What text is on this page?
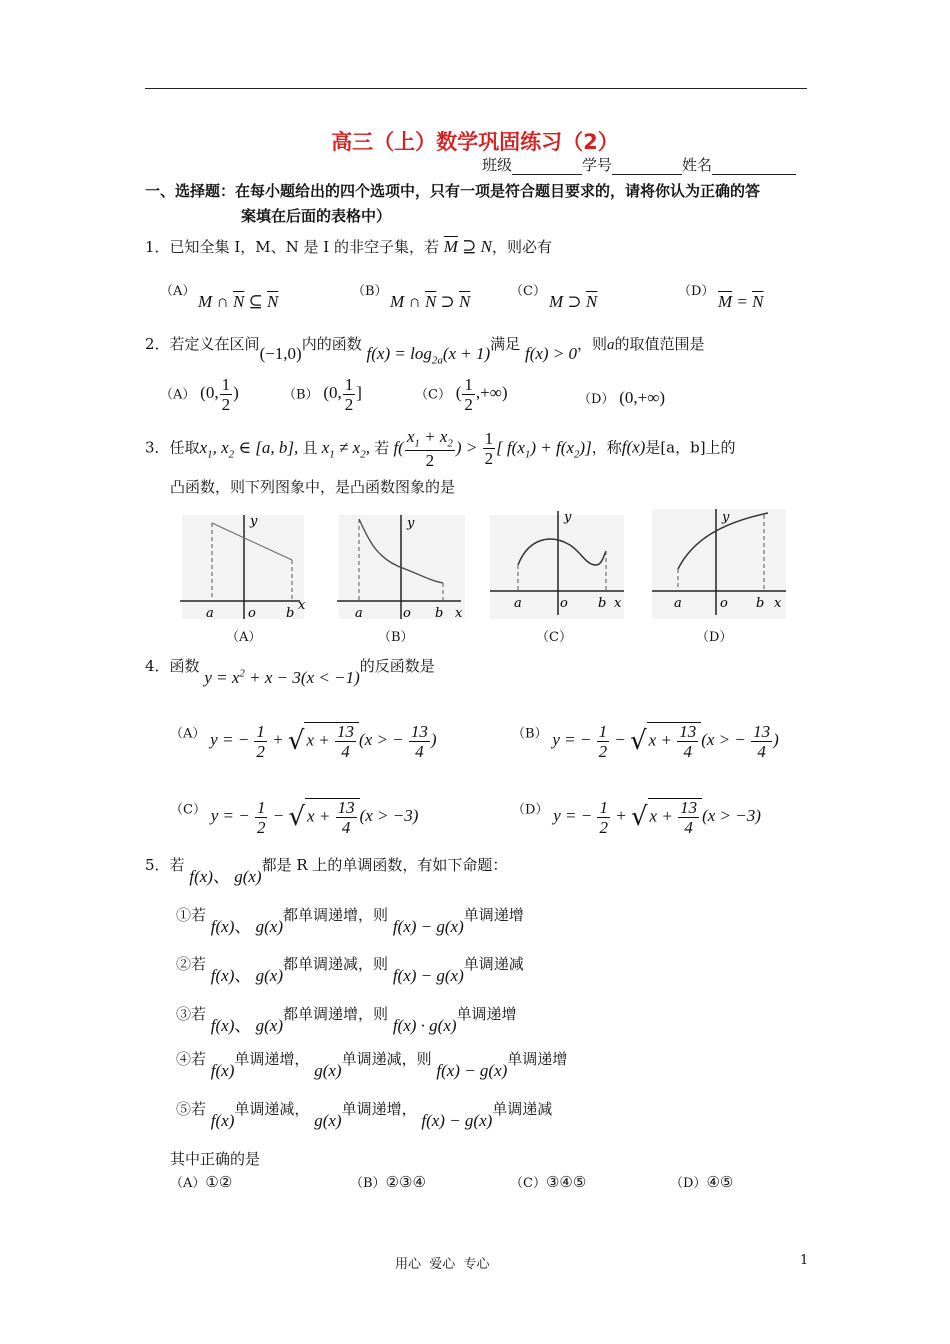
高三（上）数学巩固练习（2）
班级	学号	姓名
一、选择题：在每小题给出的四个选项中，只有一项是符合题目要求的，请将你认为正确的答
案填在后面的表格中）
1．已知全集 I，M、N 是 I 的非空子集，若 $\overline{M}$ ⊇ N，则必有
（A）
M ∩ $\overline{N}$ ⊆ $\overline{N}$
（B）
M ∩ $\overline{N}$ ⊃ $\overline{N}$
（C）
M ⊃ $\overline{N}$
（D）
$\overline{M} = \overline{N}$
2．若定义在区间(−1,0)内的函数 $f(x) = \log_{2a}(x + 1)$满足 f(x) > 0，则a的取值范围是
（A） (0, $\frac{1}{2}$ )	（B） (0, $\frac{1}{2}$ ]	（C） ( $\frac{1}{2}$ ,+∞)	（D） (0,+∞)
3．任取$x_1$, $x_2$ ∈ [a, b], 且 $x_1 \ne x_2$, 若 $f( \frac{x_1 + x_2}{2}$ ) > $\frac{1}{2}$ [ $f(x_1) + f(x_2)$]，称f(x)是[a，b]上的
凸函数，则下列图象中，是凸函数图象的是
a	o b
x
y
（A）
a	o b x
y
（B）
a	o b x
y
（C）
a	o b x
y
（D）
4．函数 $y = x^2 + x - 3(x < -1)$的反函数是
（A） y = − $\frac{1}{2}$ + √ $x + \frac{13}{4} (x$ > − $\frac{13}{4}$ )	（B） y = − $\frac{1}{2}$ − √ $x + \frac{13}{4} (x$ > − $\frac{13}{4}$ )
（C） y = − $\frac{1}{2}$ − √ $x + \frac{13}{4} (x > -3)$	（D） y = − $\frac{1}{2}$ + √ $x + \frac{13}{4} (x > -3)$
5．若 f(x)、 g(x)都是 R 上的单调函数，有如下命题：
①若 f(x)、 g(x)都单调递增，则 f(x) − g(x)单调递增
②若 f(x)、 g(x)都单调递减，则 f(x) − g(x)单调递减
③若 f(x)、 g(x)都单调递增，则 f(x) · g(x)单调递增
④若 f(x)单调递增， g(x)单调递减，则 f(x) − g(x)单调递增
⑤若 f(x)单调递减， g(x)单调递增， f(x) − g(x)单调递减
其中正确的是
（A）①②	（B）②③④	（C）③④⑤	（D）④⑤
用心  爱心  专心	1
